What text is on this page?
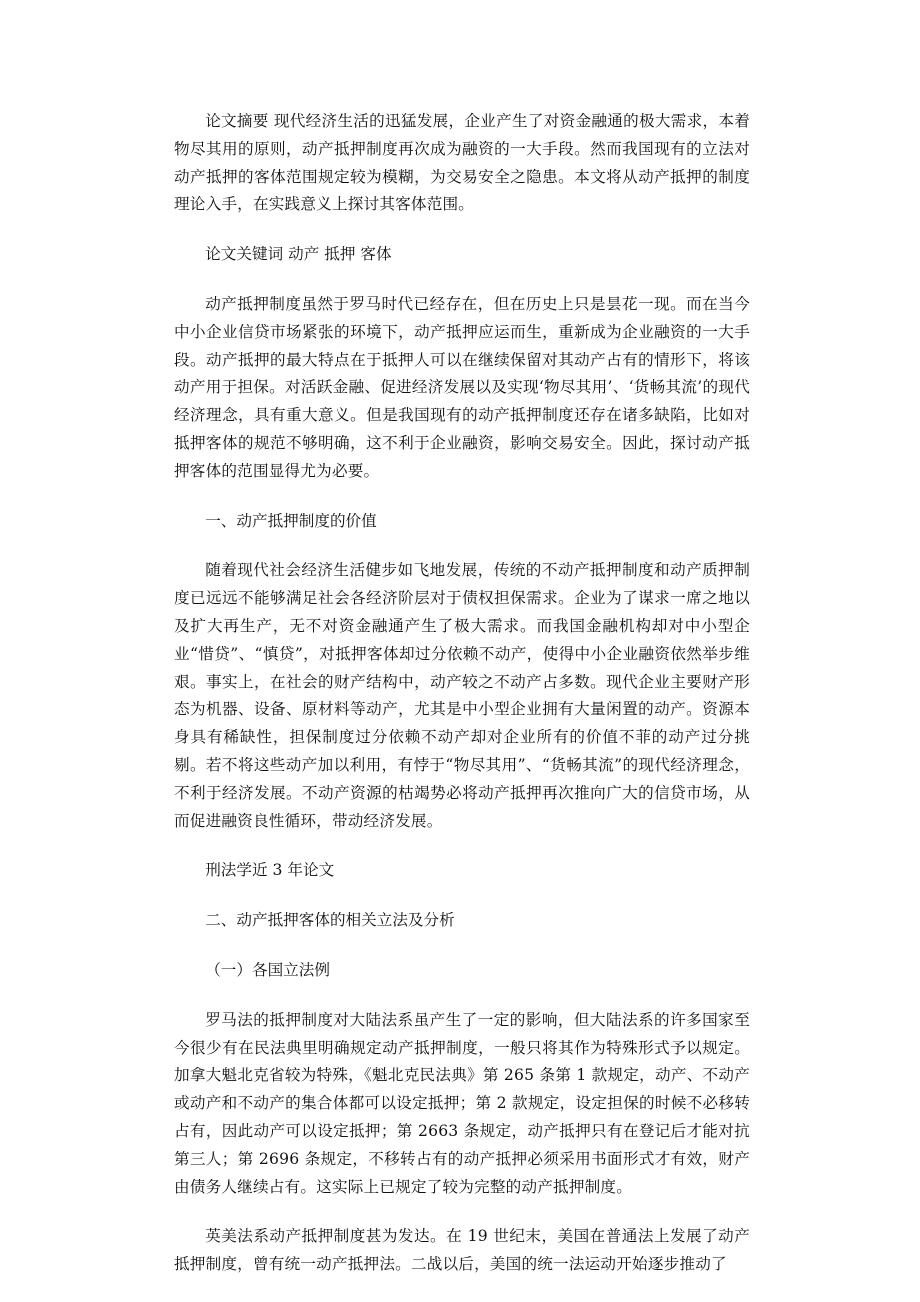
论文摘要 现代经济生活的迅猛发展，企业产生了对资金融通的极大需求，本着物尽其用的原则，动产抵押制度再次成为融资的一大手段。然而我国现有的立法对动产抵押的客体范围规定较为模糊，为交易安全之隐患。本文将从动产抵押的制度理论入手，在实践意义上探讨其客体范围。

论文关键词 动产 抵押 客体

动产抵押制度虽然于罗马时代已经存在，但在历史上只是昙花一现。而在当今中小企业信贷市场紧张的环境下，动产抵押应运而生，重新成为企业融资的一大手段。动产抵押的最大特点在于抵押人可以在继续保留对其动产占有的情形下，将该动产用于担保。对活跃金融、促进经济发展以及实现‘物尽其用’、‘货畅其流’的现代经济理念，具有重大意义。但是我国现有的动产抵押制度还存在诸多缺陷，比如对抵押客体的规范不够明确，这不利于企业融资，影响交易安全。因此，探讨动产抵押客体的范围显得尤为必要。

一、动产抵押制度的价值

随着现代社会经济生活健步如飞地发展，传统的不动产抵押制度和动产质押制度已远远不能够满足社会各经济阶层对于债权担保需求。企业为了谋求一席之地以及扩大再生产，无不对资金融通产生了极大需求。而我国金融机构却对中小型企业“惜贷”、“慎贷”，对抵押客体却过分依赖不动产，使得中小企业融资依然举步维艰。事实上，在社会的财产结构中，动产较之不动产占多数。现代企业主要财产形态为机器、设备、原材料等动产，尤其是中小型企业拥有大量闲置的动产。资源本身具有稀缺性，担保制度过分依赖不动产却对企业所有的价值不菲的动产过分挑剔。若不将这些动产加以利用，有悖于“物尽其用”、“货畅其流”的现代经济理念，不利于经济发展。不动产资源的枯竭势必将动产抵押再次推向广大的信贷市场，从而促进融资良性循环，带动经济发展。

刑法学近 3 年论文

二、动产抵押客体的相关立法及分析

（一）各国立法例

罗马法的抵押制度对大陆法系虽产生了一定的影响，但大陆法系的许多国家至今很少有在民法典里明确规定动产抵押制度，一般只将其作为特殊形式予以规定。加拿大魁北克省较为特殊，《魁北克民法典》第 265 条第 1 款规定，动产、不动产或动产和不动产的集合体都可以设定抵押；第 2 款规定，设定担保的时候不必移转占有，因此动产可以设定抵押；第 2663 条规定，动产抵押只有在登记后才能对抗第三人；第 2696 条规定，不移转占有的动产抵押必须采用书面形式才有效，财产由债务人继续占有。这实际上已规定了较为完整的动产抵押制度。

英美法系动产抵押制度甚为发达。在 19 世纪末，美国在普通法上发展了动产抵押制度，曾有统一动产抵押法。二战以后，美国的统一法运动开始逐步推动了
